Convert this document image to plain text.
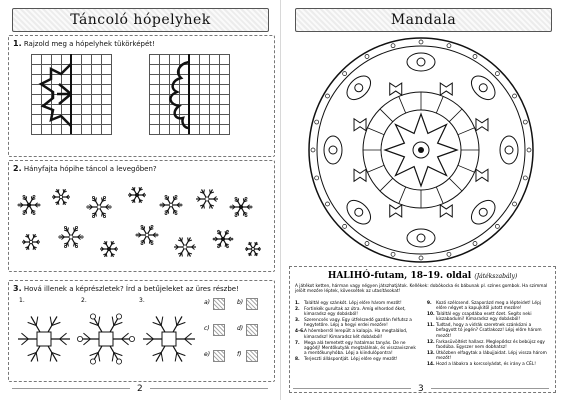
Táncoló hópelyhek
1. Rajzold meg a hópelyhek tükörképét!
2. Hányfajta hópihe táncol a levegőben?
3. Hová illenek a képrészletek? Írd a betűjeleket az üres részbe!
1.	2.	3.	a)	b)
c)	d)
e)	f)
2
Mandala
HALIHÓ-futam, 18–19. oldal (Játékszabály)
A játékot ketten, hárman vagy négyen játszhatjátok. Kellékek: dobókocka és bábunak pl. színes gombok. Ha szimmal jelölt mezőre léptek, kövessétek az utasításokat!
1. Találtál egy szánkót. Lépj előre három mezőt!
2. Fortinkék gurultak az útra. Amíg elhordod őket, kimaradsz egy dobásból!
3. Szerencsés vagy. Egy útfelszedő gazdán felfutsz a hegytetőre. Lépj a hegyi erdei mezőre!
4–6. A hóemberről lerepült a kalapja. Ha megtalálod, kimaradsz! Kimaradsz két dobásból!
7. Mega alá temetett egy hatalmas tanyás. De ne aggódj! Mentőkutyák megtalálnak, és visszavisznek a mentőkunyhóba. Lépj a kiindulópontra!
8. Terjeszti álláspontját. Lépj előre egy mezőt!
9. Kozó szélcsend. Szaporázd meg a lépteidet! Lépj előre négyet a kapujkitöl jutott mezőre!
10. Találtál egy csapdába esett őzet. Segíts neki kiszabadulni! Kimaradsz egy dobásból!
11. Tudtad, hogy a vidrák szeretnek szánkózni a befagyott tó jegén? Csatlakozz! Lépj előre három mezőt!
12. Farkasüvöltést hallasz. Meglepődsz és bebújsz egy faodúba. Egyszer nem dobhatsz!
13. Útközben elfagytak a lábujjaidat. Lépj vissza három mezőt!
14. Hozd a lábakra a korcsolyádat, és irány a CÉL!
3
